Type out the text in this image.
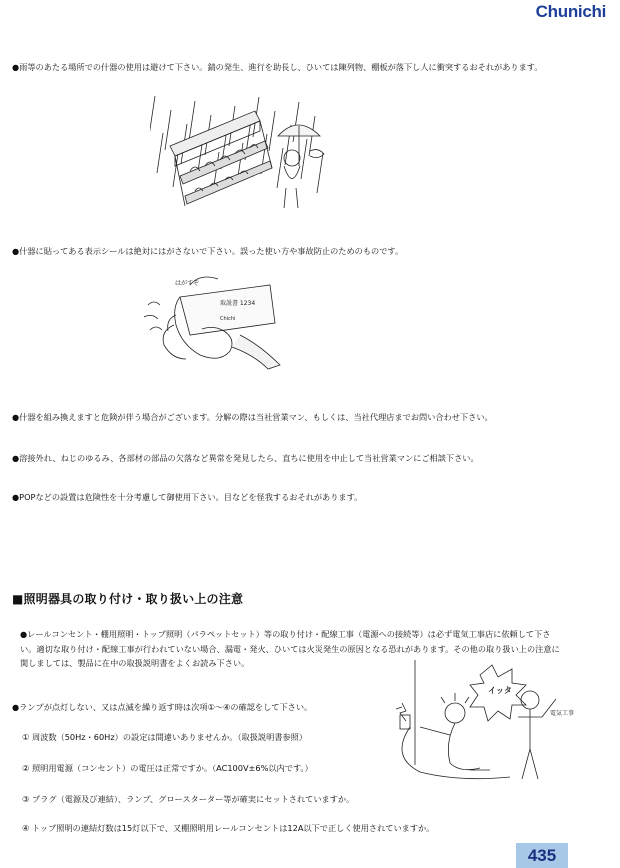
Chunichi
●雨等のあたる場所での什器の使用は避けて下さい。錆の発生、進行を助長し、ひいては陳列物、棚板が落下し人に衝突するおそれがあります。
●什器に貼ってある表示シールは絶対にはがさないで下さい。誤った使い方や事故防止のためのものです。
はがすぞ
取説書 1234
Chichi
●什器を組み換えますと危険が伴う場合がございます。分解の際は当社営業マン、もしくは、当社代理店までお問い合わせ下さい。
●溶接外れ、ねじのゆるみ、各部材の部品の欠落など異常を発見したら、直ちに使用を中止して当社営業マンにご相談下さい。
●POPなどの設置は危険性を十分考慮して御使用下さい。目などを怪我するおそれがあります。
■照明器具の取り付け・取り扱い上の注意
●レールコンセント・棚用照明・トップ照明（パラペットセット）等の取り付け・配線工事（電源への接続等）は必ず電気工事店に依頼して下さい。適切な取り付け・配線工事が行われていない場合、漏電・発火、ひいては火災発生の原因となる恐れがあります。その他の取り扱い上の注意に関しましては、製品に在中の取扱説明書をよくお読み下さい。
●ランプが点灯しない、又は点滅を繰り返す時は次項①～④の確認をして下さい。
① 周波数（50Hz・60Hz）の設定は間違いありませんか。（取扱説明書参照）
② 照明用電源（コンセント）の電圧は正常ですか。（AC100V±6%以内です。）
③ プラグ（電源及び連結）、ランプ、グロースターター等が確実にセットされていますか。
④ トップ照明の連結灯数は15灯以下で、又棚照明用レールコンセントは12A以下で正しく使用されていますか。
イッタ
電気工事
435
